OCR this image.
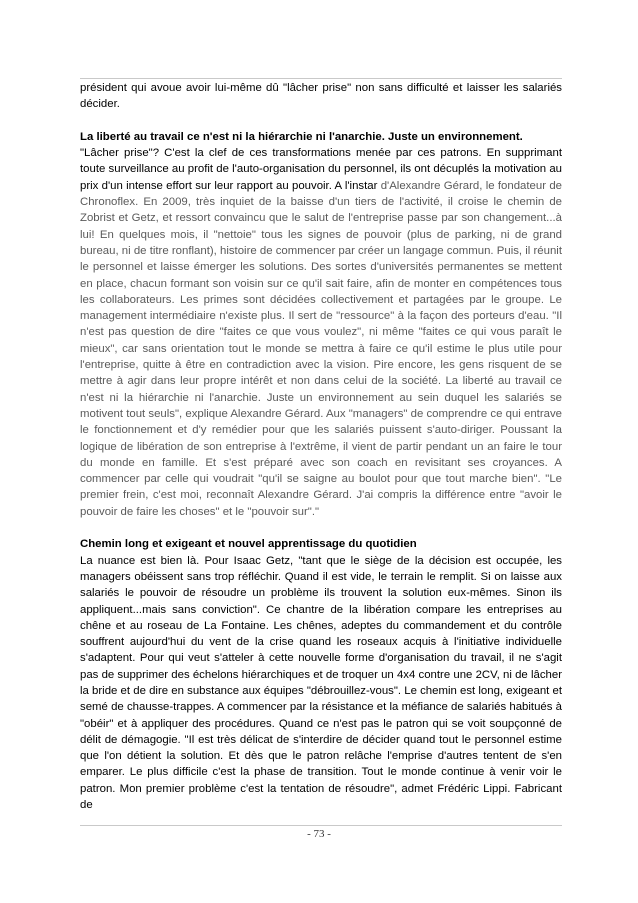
président qui avoue avoir lui-même dû "lâcher prise" non sans difficulté et laisser les salariés décider.

La liberté au travail ce n'est ni la hiérarchie ni l'anarchie. Juste un environnement.

"Lâcher prise"? C'est la clef de ces transformations menée par ces patrons. En supprimant toute surveillance au profit de l'auto-organisation du personnel, ils ont décuplés la motivation au prix d'un intense effort sur leur rapport au pouvoir. A l'instar d'Alexandre Gérard, le fondateur de Chronoflex. En 2009, très inquiet de la baisse d'un tiers de l'activité, il croise le chemin de Zobrist et Getz, et ressort convaincu que le salut de l'entreprise passe par son changement...à lui! En quelques mois, il "nettoie" tous les signes de pouvoir (plus de parking, ni de grand bureau, ni de titre ronflant), histoire de commencer par créer un langage commun. Puis, il réunit le personnel et laisse émerger les solutions. Des sortes d'universités permanentes se mettent en place, chacun formant son voisin sur ce qu'il sait faire, afin de monter en compétences tous les collaborateurs. Les primes sont décidées collectivement et partagées par le groupe. Le management intermédiaire n'existe plus. Il sert de "ressource" à la façon des porteurs d'eau. "Il n'est pas question de dire "faites ce que vous voulez", ni même "faites ce qui vous paraît le mieux", car sans orientation tout le monde se mettra à faire ce qu'il estime le plus utile pour l'entreprise, quitte à être en contradiction avec la vision. Pire encore, les gens risquent de se mettre à agir dans leur propre intérêt et non dans celui de la société. La liberté au travail ce n'est ni la hiérarchie ni l'anarchie. Juste un environnement au sein duquel les salariés se motivent tout seuls", explique Alexandre Gérard. Aux "managers" de comprendre ce qui entrave le fonctionnement et d'y remédier pour que les salariés puissent s'auto-diriger. Poussant la logique de libération de son entreprise à l'extrême, il vient de partir pendant un an faire le tour du monde en famille. Et s'est préparé avec son coach en revisitant ses croyances. A commencer par celle qui voudrait "qu'il se saigne au boulot pour que tout marche bien". "Le premier frein, c'est moi, reconnaît Alexandre Gérard. J'ai compris la différence entre "avoir le pouvoir de faire les choses" et le "pouvoir sur"."

Chemin long et exigeant et nouvel apprentissage du quotidien

La nuance est bien là. Pour Isaac Getz, "tant que le siège de la décision est occupée, les managers obéissent sans trop réfléchir. Quand il est vide, le terrain le remplit. Si on laisse aux salariés le pouvoir de résoudre un problème ils trouvent la solution eux-mêmes. Sinon ils appliquent...mais sans conviction". Ce chantre de la libération compare les entreprises au chêne et au roseau de La Fontaine. Les chênes, adeptes du commandement et du contrôle souffrent aujourd'hui du vent de la crise quand les roseaux acquis à l'initiative individuelle s'adaptent. Pour qui veut s'atteler à cette nouvelle forme d'organisation du travail, il ne s'agit pas de supprimer des échelons hiérarchiques et de troquer un 4x4 contre une 2CV, ni de lâcher la bride et de dire en substance aux équipes "débrouillez-vous". Le chemin est long, exigeant et semé de chausse-trappes. A commencer par la résistance et la méfiance de salariés habitués à "obéir" et à appliquer des procédures. Quand ce n'est pas le patron qui se voit soupçonné de délit de démagogie. "Il est très délicat de s'interdire de décider quand tout le personnel estime que l'on détient la solution. Et dès que le patron relâche l'emprise d'autres tentent de s'en emparer. Le plus difficile c'est la phase de transition. Tout le monde continue à venir voir le patron. Mon premier problème c'est la tentation de résoudre", admet Frédéric Lippi. Fabricant de

- 73 -
